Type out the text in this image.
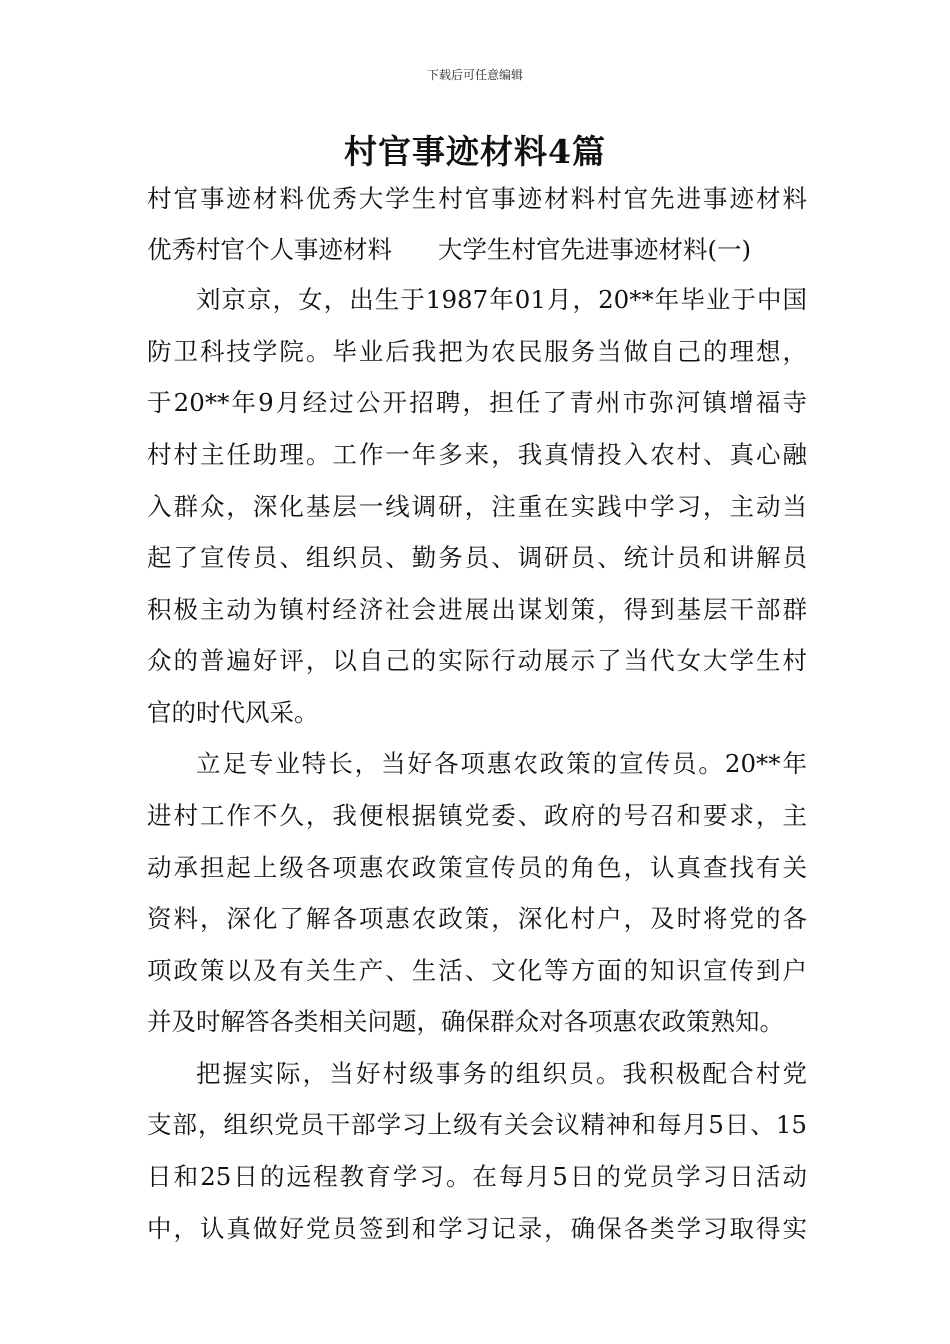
下载后可任意编辑
村官事迹材料4篇
村官事迹材料优秀大学生村官事迹材料村官先进事迹材料
优秀村官个人事迹材料 大学生村官先进事迹材料(一)
刘京京，女，出生于1987年01月，20**年毕业于中国
防卫科技学院。毕业后我把为农民服务当做自己的理想，
于20**年9月经过公开招聘，担任了青州市弥河镇增福寺
村村主任助理。工作一年多来，我真情投入农村、真心融
入群众，深化基层一线调研，注重在实践中学习，主动当
起了宣传员、组织员、勤务员、调研员、统计员和讲解员
积极主动为镇村经济社会进展出谋划策，得到基层干部群
众的普遍好评，以自己的实际行动展示了当代女大学生村
官的时代风采。
立足专业特长，当好各项惠农政策的宣传员。20**年
进村工作不久，我便根据镇党委、政府的号召和要求，主
动承担起上级各项惠农政策宣传员的角色，认真查找有关
资料，深化了解各项惠农政策，深化村户，及时将党的各
项政策以及有关生产、生活、文化等方面的知识宣传到户
并及时解答各类相关问题，确保群众对各项惠农政策熟知。
把握实际，当好村级事务的组织员。我积极配合村党
支部，组织党员干部学习上级有关会议精神和每月5日、15
日和25日的远程教育学习。在每月5日的党员学习日活动
中，认真做好党员签到和学习记录，确保各类学习取得实
